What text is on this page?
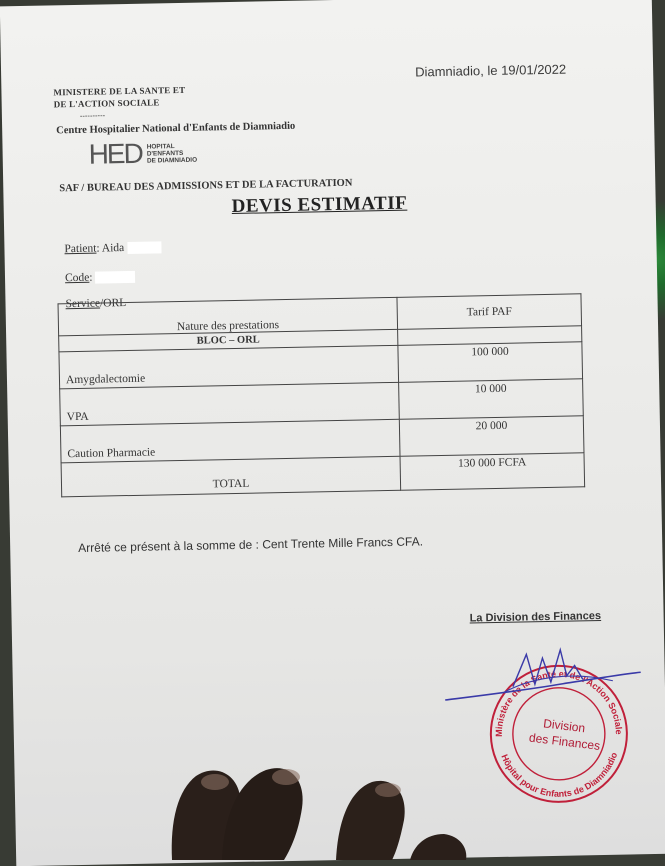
MINISTERE DE LA SANTE ET
DE L'ACTION SOCIALE
----------
Diamniadio, le 19/01/2022
Centre Hospitalier National d'Enfants de Diamniadio
HED HOPITAL
D'ENFANTS
DE DIAMNIADIO
SAF / BUREAU DES ADMISSIONS ET DE LA FACTURATION
DEVIS ESTIMATIF
Patient: Aida
Code:
Service/ORL
Nature des prestations	Tarif PAF
BLOC – ORL	
Amygdalectomie	100 000
VPA	10 000
Caution Pharmacie	20 000
TOTAL	130 000 FCFA
Arrêté ce présent à la somme de : Cent Trente Mille Francs CFA.
La Division des Finances
Ministère de la Santé et de l'Action Sociale
Hôpital pour Enfants de Diamniadio
Division
des Finances
